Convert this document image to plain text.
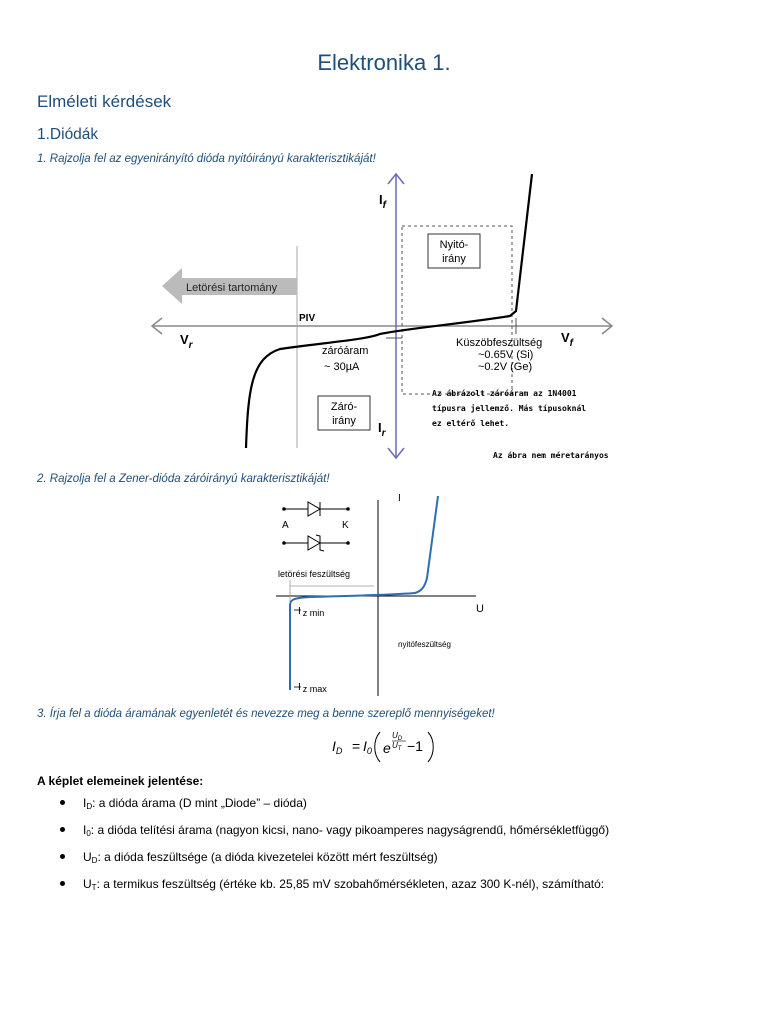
Elektronika 1.
Elméleti kérdések
1.Diódák
1. Rajzolja fel az egyenirányító dióda nyitóirányú karakterisztikáját!
Letörési tartomány
Nyitó-
irány
Záró-
irány
$I_f$
$I_r$
$V_r$
$V_f$
PIV
záróáram
~ 30µA
Küszöbfeszültség
~0.65V (Si)
~0.2V (Ge)
Az ábrázolt záróáram az 1N4001
típusra jellemző. Más típusoknál
ez eltérő lehet.
Az ábra nem méretarányos
2. Rajzolja fel a Zener-dióda záróirányú karakterisztikáját!
I
U
A	K
letörési feszültség
nyitófeszültség
I z min
I z max
3. Írja fel a dióda áramának egyenletét és nevezze meg a benne szereplő mennyiségeket!
$I_D = I_0$ e
$U_D$
$U_T -1$
A képlet elemeinek jelentése:
$I_D$: a dióda árama (D mint „Diode” – dióda)
$I_0$: a dióda telítési árama (nagyon kicsi, nano- vagy pikoamperes nagyságrendű, hőmérsékletfüggő)
$U_D$: a dióda feszültsége (a dióda kivezetelei között mért feszültség)
$U_T$: a termikus feszültség (értéke kb. 25,85 mV szobahőmérsékleten, azaz 300 K-nél), számítható:
